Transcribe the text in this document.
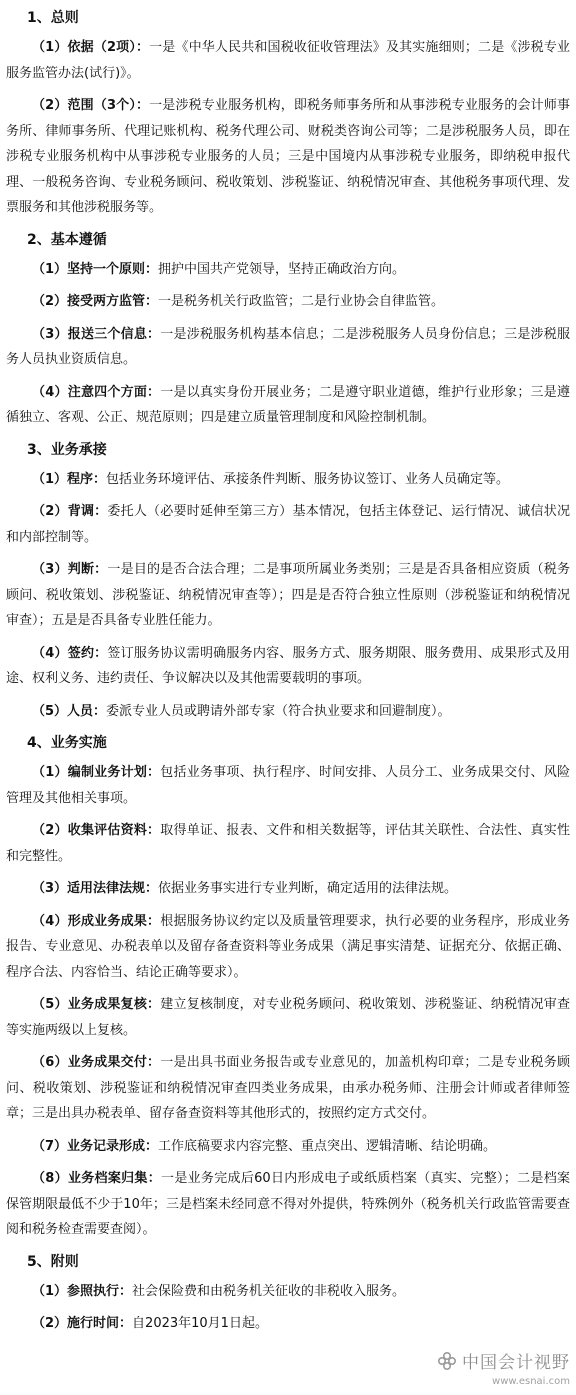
1、总则

（1）依据（2项）：一是《中华人民共和国税收征收管理法》及其实施细则；二是《涉税专业服务监管办法(试行)》。

（2）范围（3个）：一是涉税专业服务机构，即税务师事务所和从事涉税专业服务的会计师事务所、律师事务所、代理记账机构、税务代理公司、财税类咨询公司等；二是涉税服务人员，即在涉税专业服务机构中从事涉税专业服务的人员；三是中国境内从事涉税专业服务，即纳税申报代理、一般税务咨询、专业税务顾问、税收策划、涉税鉴证、纳税情况审查、其他税务事项代理、发票服务和其他涉税服务等。

2、基本遵循

（1）坚持一个原则：拥护中国共产党领导，坚持正确政治方向。

（2）接受两方监管：一是税务机关行政监管；二是行业协会自律监管。

（3）报送三个信息：一是涉税服务机构基本信息；二是涉税服务人员身份信息；三是涉税服务人员执业资质信息。

（4）注意四个方面：一是以真实身份开展业务；二是遵守职业道德，维护行业形象；三是遵循独立、客观、公正、规范原则；四是建立质量管理制度和风险控制机制。

3、业务承接

（1）程序：包括业务环境评估、承接条件判断、服务协议签订、业务人员确定等。

（2）背调：委托人（必要时延伸至第三方）基本情况，包括主体登记、运行情况、诚信状况和内部控制等。

（3）判断：一是目的是否合法合理；二是事项所属业务类别；三是是否具备相应资质（税务顾问、税收策划、涉税鉴证、纳税情况审查等）；四是是否符合独立性原则（涉税鉴证和纳税情况审查）；五是是否具备专业胜任能力。

（4）签约：签订服务协议需明确服务内容、服务方式、服务期限、服务费用、成果形式及用途、权利义务、违约责任、争议解决以及其他需要载明的事项。

（5）人员：委派专业人员或聘请外部专家（符合执业要求和回避制度）。

4、业务实施

（1）编制业务计划：包括业务事项、执行程序、时间安排、人员分工、业务成果交付、风险管理及其他相关事项。

（2）收集评估资料：取得单证、报表、文件和相关数据等，评估其关联性、合法性、真实性和完整性。

（3）适用法律法规：依据业务事实进行专业判断，确定适用的法律法规。

（4）形成业务成果：根据服务协议约定以及质量管理要求，执行必要的业务程序，形成业务报告、专业意见、办税表单以及留存备查资料等业务成果（满足事实清楚、证据充分、依据正确、程序合法、内容恰当、结论正确等要求）。

（5）业务成果复核：建立复核制度，对专业税务顾问、税收策划、涉税鉴证、纳税情况审查等实施两级以上复核。

（6）业务成果交付：一是出具书面业务报告或专业意见的，加盖机构印章；二是专业税务顾问、税收策划、涉税鉴证和纳税情况审查四类业务成果，由承办税务师、注册会计师或者律师签章；三是出具办税表单、留存备查资料等其他形式的，按照约定方式交付。

（7）业务记录形成：工作底稿要求内容完整、重点突出、逻辑清晰、结论明确。

（8）业务档案归集：一是业务完成后60日内形成电子或纸质档案（真实、完整）；二是档案保管期限最低不少于10年；三是档案未经同意不得对外提供，特殊例外（税务机关行政监管需要查阅和税务检查需要查阅）。

5、附则

（1）参照执行：社会保险费和由税务机关征收的非税收入服务。

（2）施行时间：自2023年10月1日起。

中国会计视野
www.esnai.com
